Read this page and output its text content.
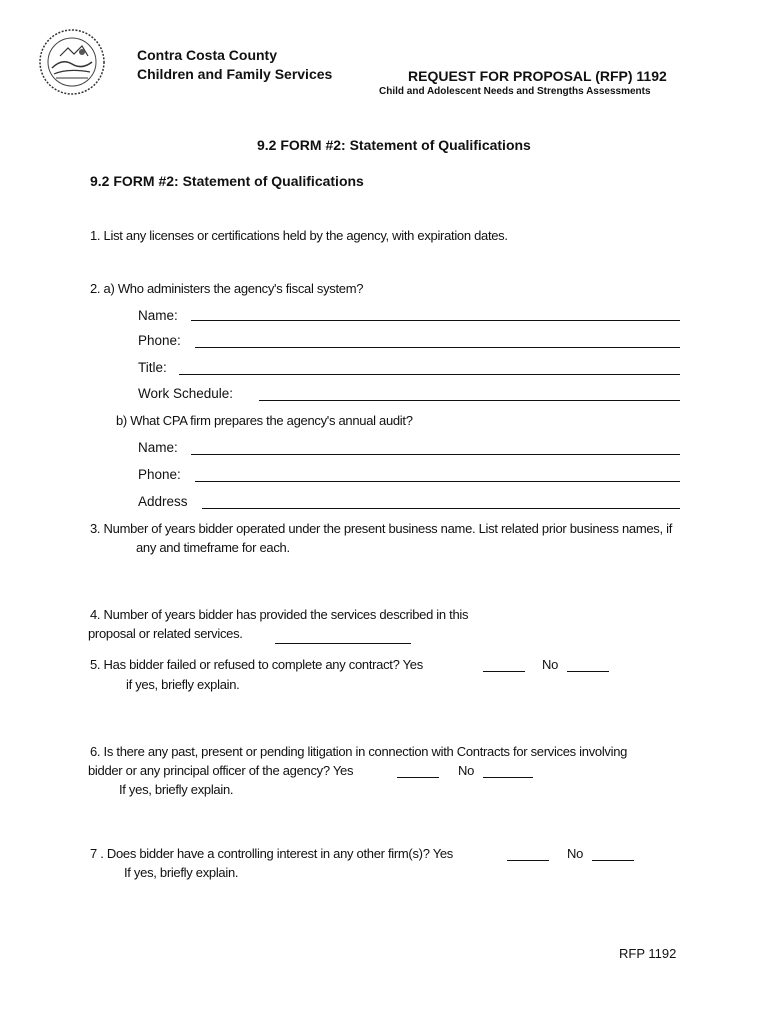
Contra Costa County
Children and Family Services	REQUEST FOR PROPOSAL (RFP) 1192
Child and Adolescent Needs and Strengths Assessments
9.2 FORM #2: Statement of Qualifications
9.2 FORM #2: Statement of Qualifications
1. List any licenses or certifications held by the agency, with expiration dates.
2. a) Who administers the agency's fiscal system?
Name:
Phone:
Title:
Work Schedule:
b) What CPA firm prepares the agency's annual audit?
Name:
Phone:
Address
3. Number of years bidder operated under the present business name. List related prior business names, if
any and timeframe for each.
4. Number of years bidder has provided the services described in this
proposal or related services.
5. Has bidder failed or refused to complete any contract? Yes	No
if yes, briefly explain.
6. Is there any past, present or pending litigation in connection with Contracts for services involving
bidder or any principal officer of the agency? Yes	No
If yes, briefly explain.
7 . Does bidder have a controlling interest in any other firm(s)? Yes	No
If yes, briefly explain.
RFP 1192
